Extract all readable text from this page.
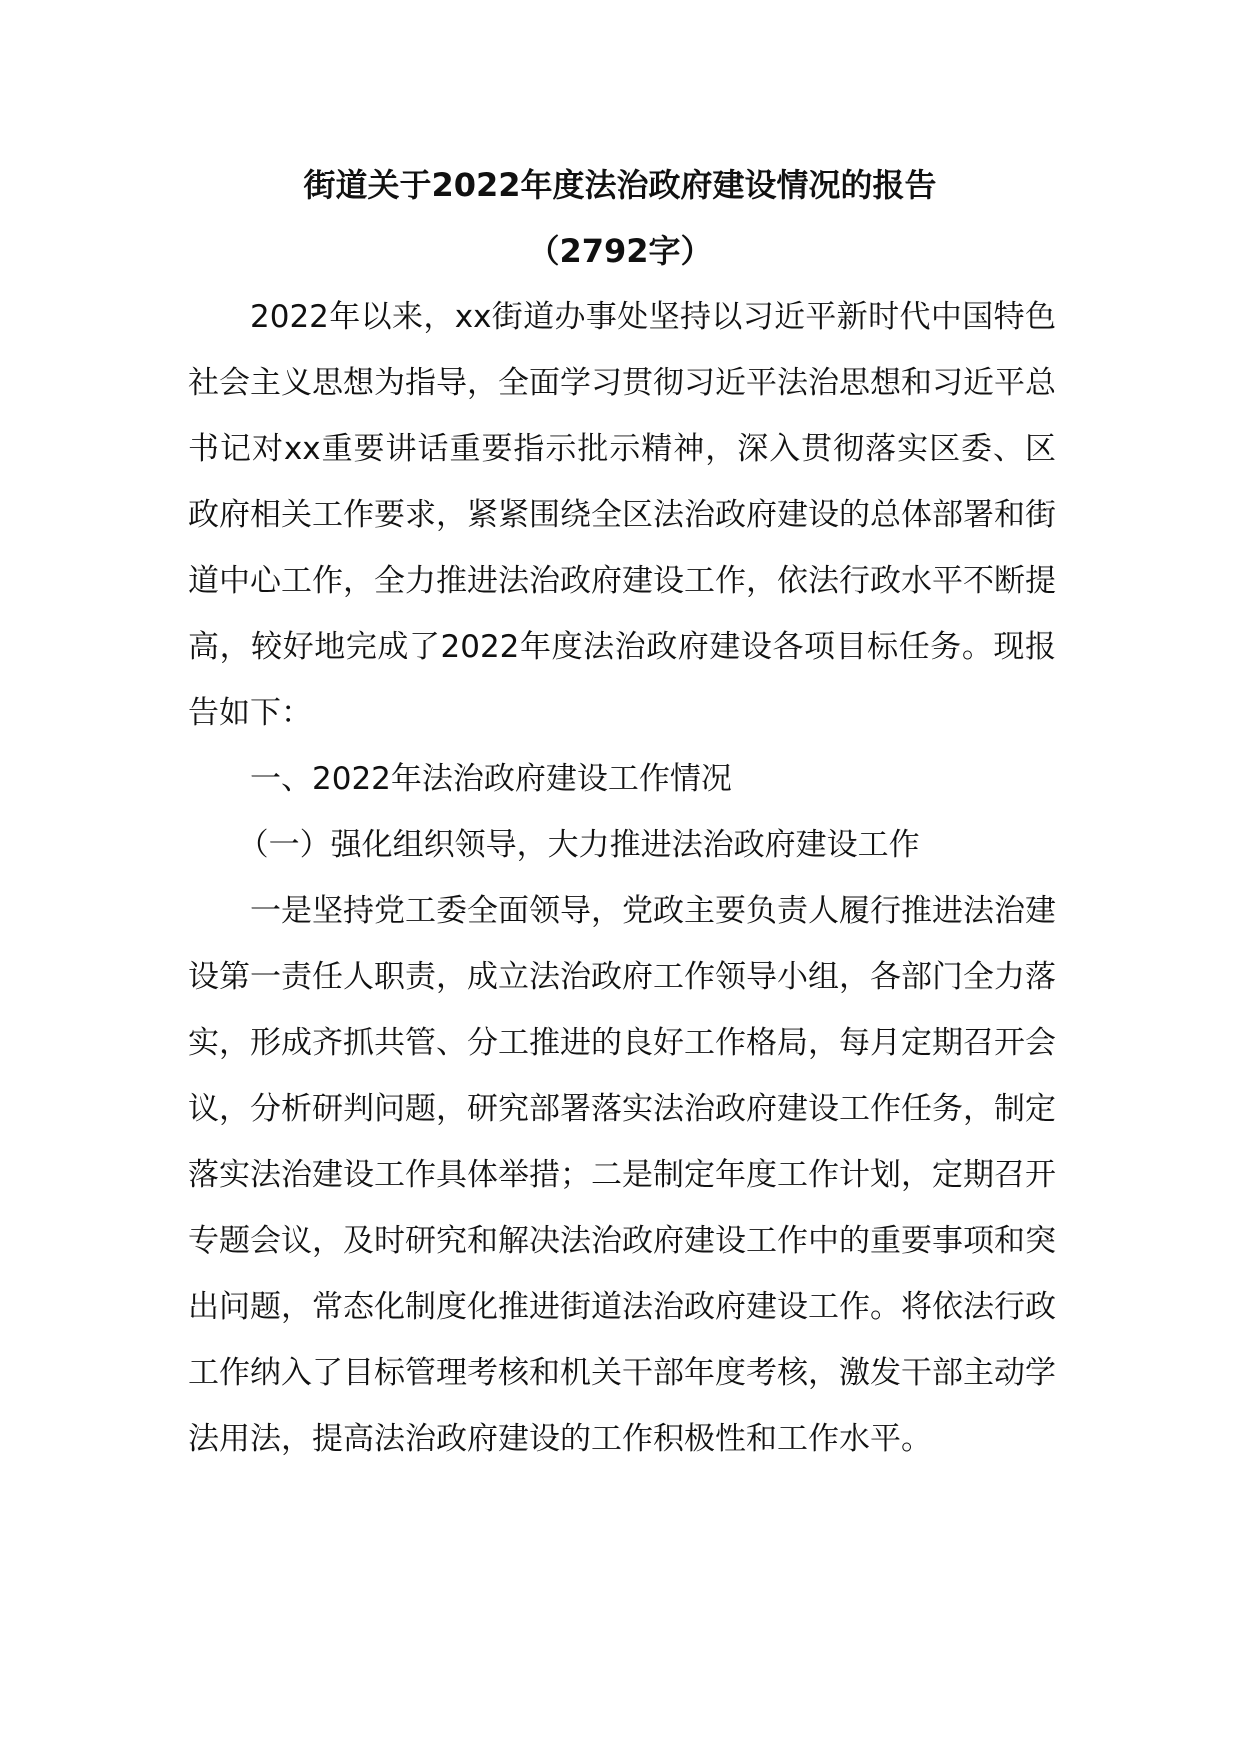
街道关于2022年度法治政府建设情况的报告
（2792字）

2022年以来，xx街道办事处坚持以习近平新时代中国特色社会主义思想为指导，全面学习贯彻习近平法治思想和习近平总书记对xx重要讲话重要指示批示精神，深入贯彻落实区委、区政府相关工作要求，紧紧围绕全区法治政府建设的总体部署和街道中心工作，全力推进法治政府建设工作，依法行政水平不断提高，较好地完成了2022年度法治政府建设各项目标任务。现报告如下：

一、2022年法治政府建设工作情况

（一）强化组织领导，大力推进法治政府建设工作

一是坚持党工委全面领导，党政主要负责人履行推进法治建设第一责任人职责，成立法治政府工作领导小组，各部门全力落实，形成齐抓共管、分工推进的良好工作格局，每月定期召开会议，分析研判问题，研究部署落实法治政府建设工作任务，制定落实法治建设工作具体举措；二是制定年度工作计划，定期召开专题会议，及时研究和解决法治政府建设工作中的重要事项和突出问题，常态化制度化推进街道法治政府建设工作。将依法行政工作纳入了目标管理考核和机关干部年度考核，激发干部主动学法用法，提高法治政府建设的工作积极性和工作水平。
